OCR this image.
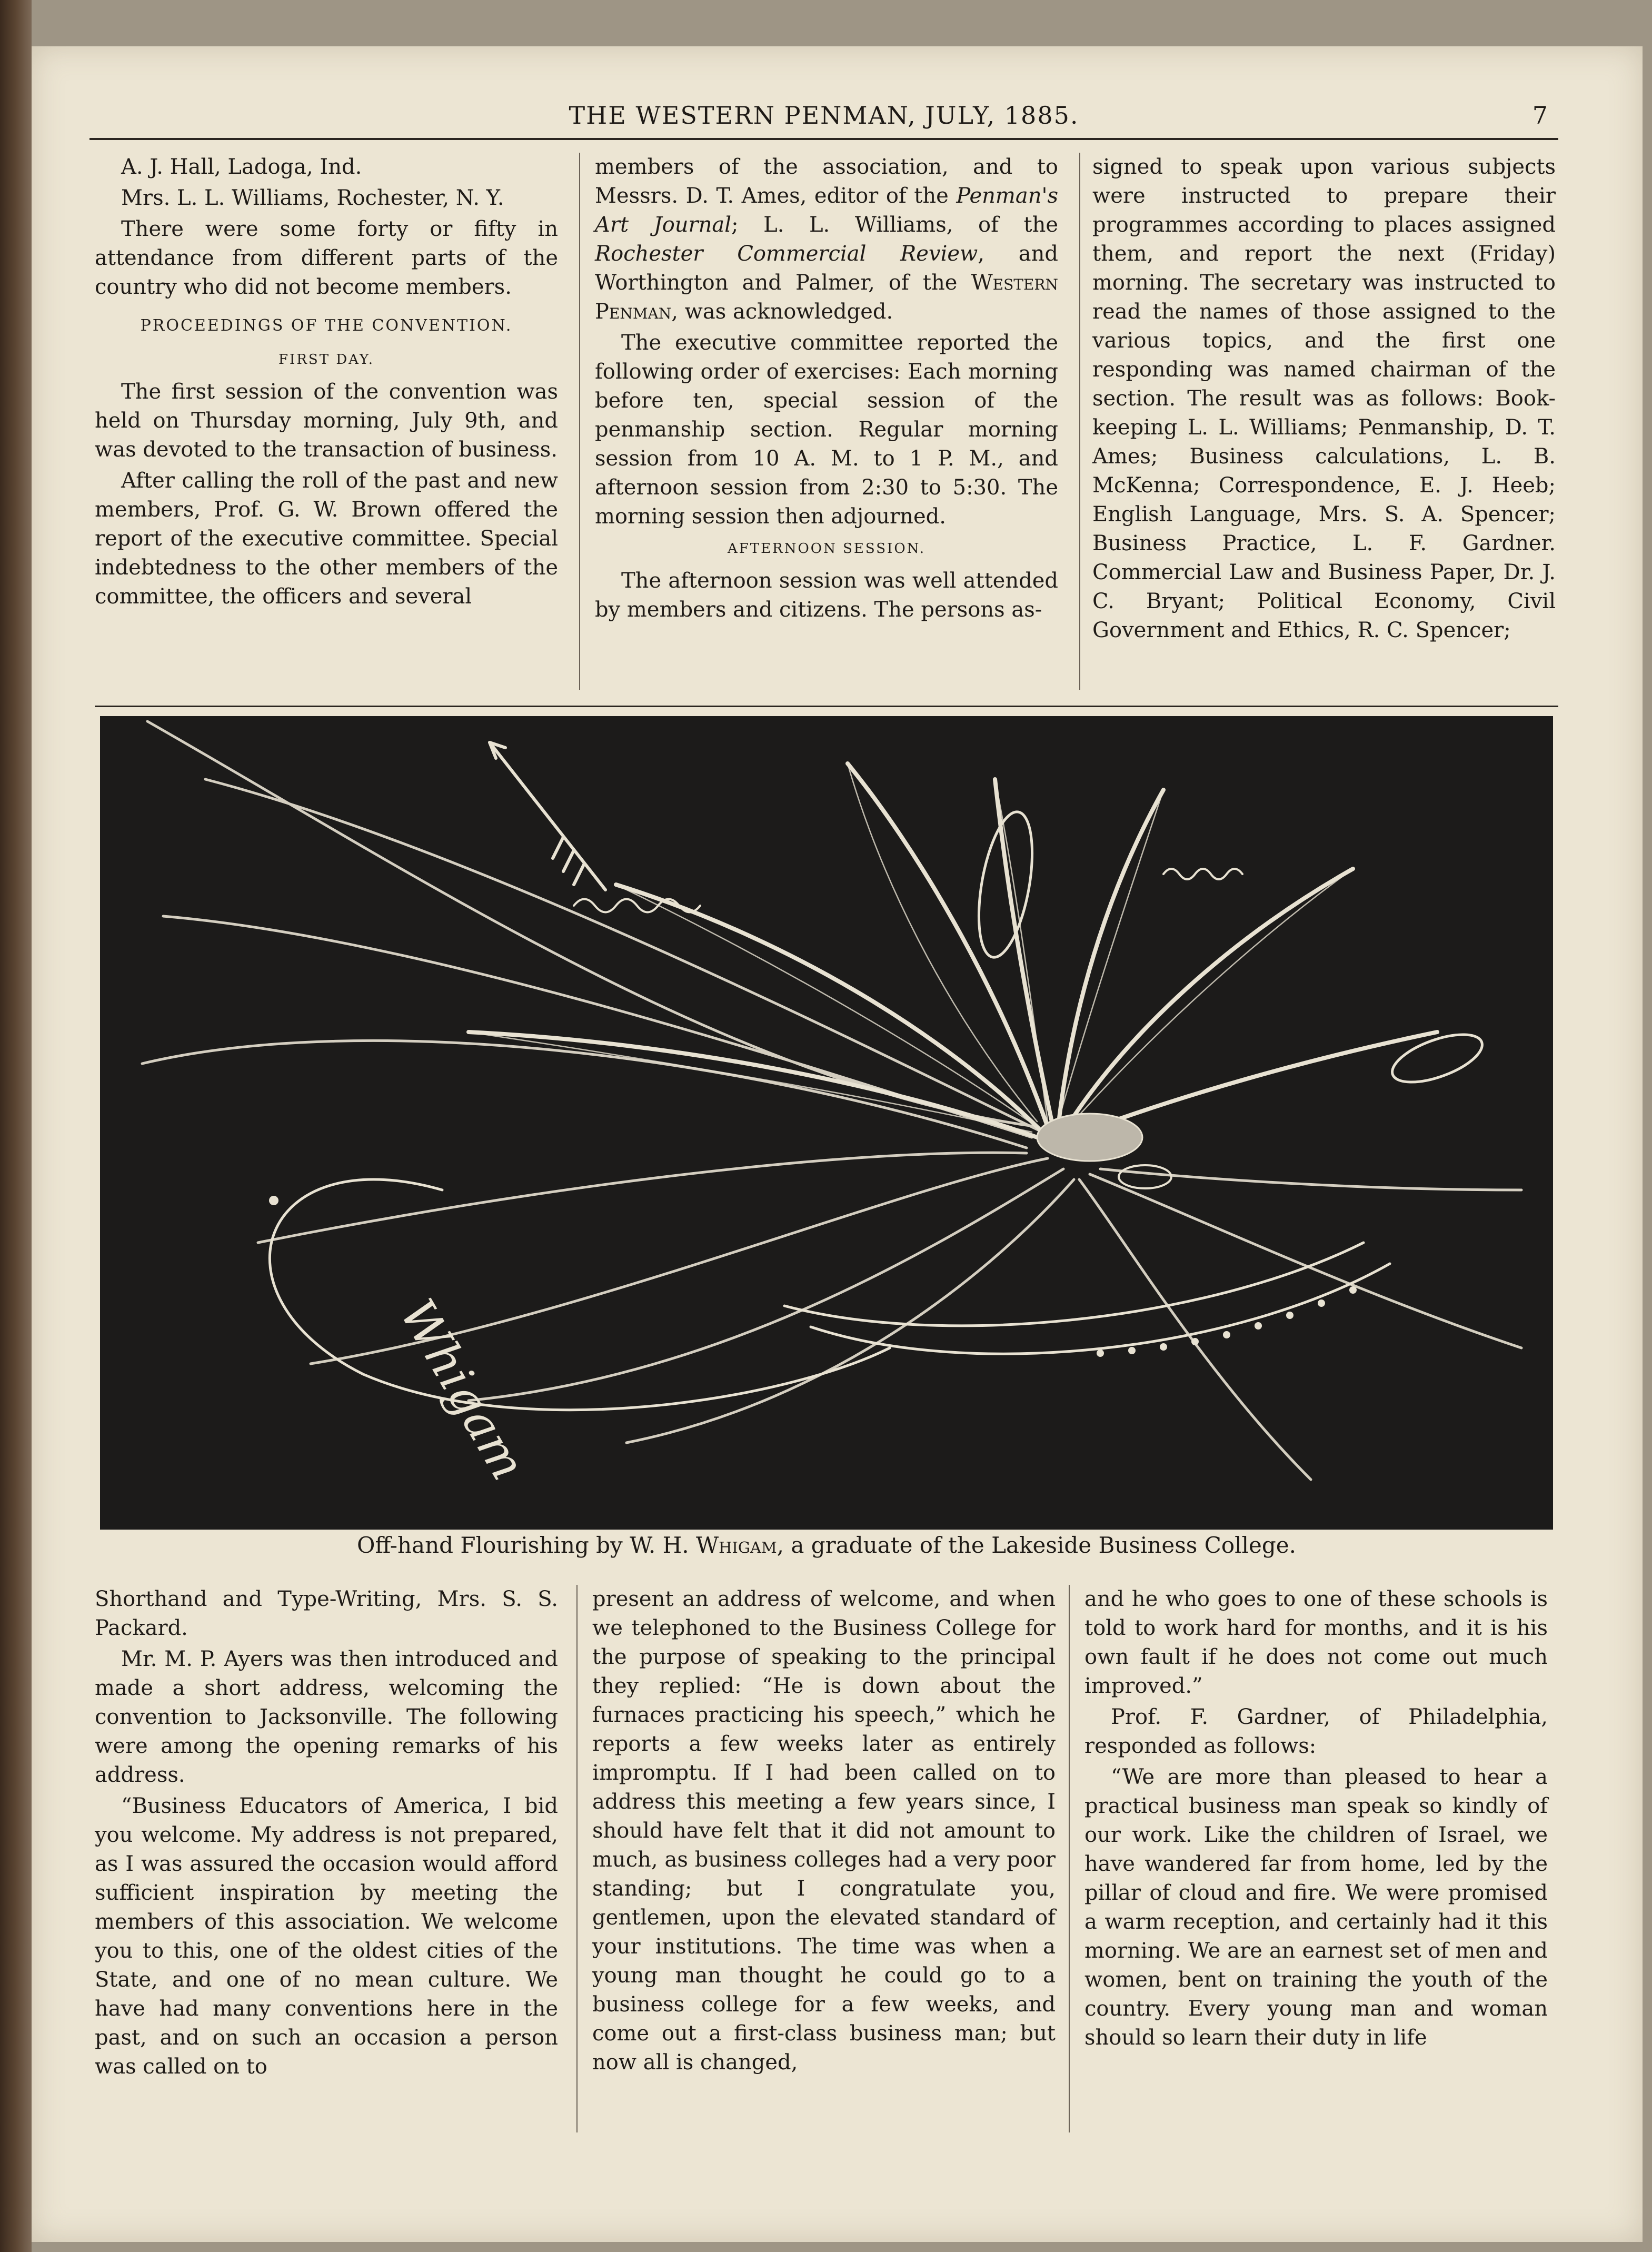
THE WESTERN PENMAN, JULY, 1885.	7

A. J. Hall, Ladoga, Ind.

Mrs. L. L. Williams, Rochester, N. Y.

There were some forty or fifty in attendance from different parts of the country who did not become members.

PROCEEDINGS OF THE CONVENTION.
FIRST DAY.

The first session of the convention was held on Thursday morning, July 9th, and was devoted to the transaction of business.

After calling the roll of the past and new members, Prof. G. W. Brown offered the report of the executive committee. Special indebtedness to the other members of the committee, the officers and several

members of the association, and to Messrs. D. T. Ames, editor of the Penman's Art Journal; L. L. Williams, of the Rochester Commercial Review, and Worthington and Palmer, of the Western Penman, was acknowledged.

The executive committee reported the following order of exercises: Each morning before ten, special session of the penmanship section. Regular morning session from 10 A. M. to 1 P. M., and afternoon session from 2:30 to 5:30. The morning session then adjourned.

AFTERNOON SESSION.

The afternoon session was well attended by members and citizens. The persons as-

signed to speak upon various subjects were instructed to prepare their programmes according to places assigned them, and report the next (Friday) morning. The secretary was instructed to read the names of those assigned to the various topics, and the first one responding was named chairman of the section. The result was as follows: Book-keeping L. L. Williams; Penmanship, D. T. Ames; Business calculations, L. B. McKenna; Correspondence, E. J. Heeb; English Language, Mrs. S. A. Spencer; Business Practice, L. F. Gardner. Commercial Law and Business Paper, Dr. J. C. Bryant; Political Economy, Civil Government and Ethics, R. C. Spencer;

Whigam
Off-hand Flourishing by W. H. Whigam, a graduate of the Lakeside Business College.

Shorthand and Type-Writing, Mrs. S. S. Packard.

Mr. M. P. Ayers was then introduced and made a short address, welcoming the convention to Jacksonville. The following were among the opening remarks of his address.

“Business Educators of America, I bid you welcome. My address is not prepared, as I was assured the occasion would afford sufficient inspiration by meeting the members of this association. We welcome you to this, one of the oldest cities of the State, and one of no mean culture. We have had many conventions here in the past, and on such an occasion a person was called on to

present an address of welcome, and when we telephoned to the Business College for the purpose of speaking to the principal they replied: “He is down about the furnaces practicing his speech,” which he reports a few weeks later as entirely impromptu. If I had been called on to address this meeting a few years since, I should have felt that it did not amount to much, as business colleges had a very poor standing; but I congratulate you, gentlemen, upon the elevated standard of your institutions. The time was when a young man thought he could go to a business college for a few weeks, and come out a first-class business man; but now all is changed,

and he who goes to one of these schools is told to work hard for months, and it is his own fault if he does not come out much improved.”

Prof. F. Gardner, of Philadelphia, responded as follows:

“We are more than pleased to hear a practical business man speak so kindly of our work. Like the children of Israel, we have wandered far from home, led by the pillar of cloud and fire. We were promised a warm reception, and certainly had it this morning. We are an earnest set of men and women, bent on training the youth of the country. Every young man and woman should so learn their duty in life
